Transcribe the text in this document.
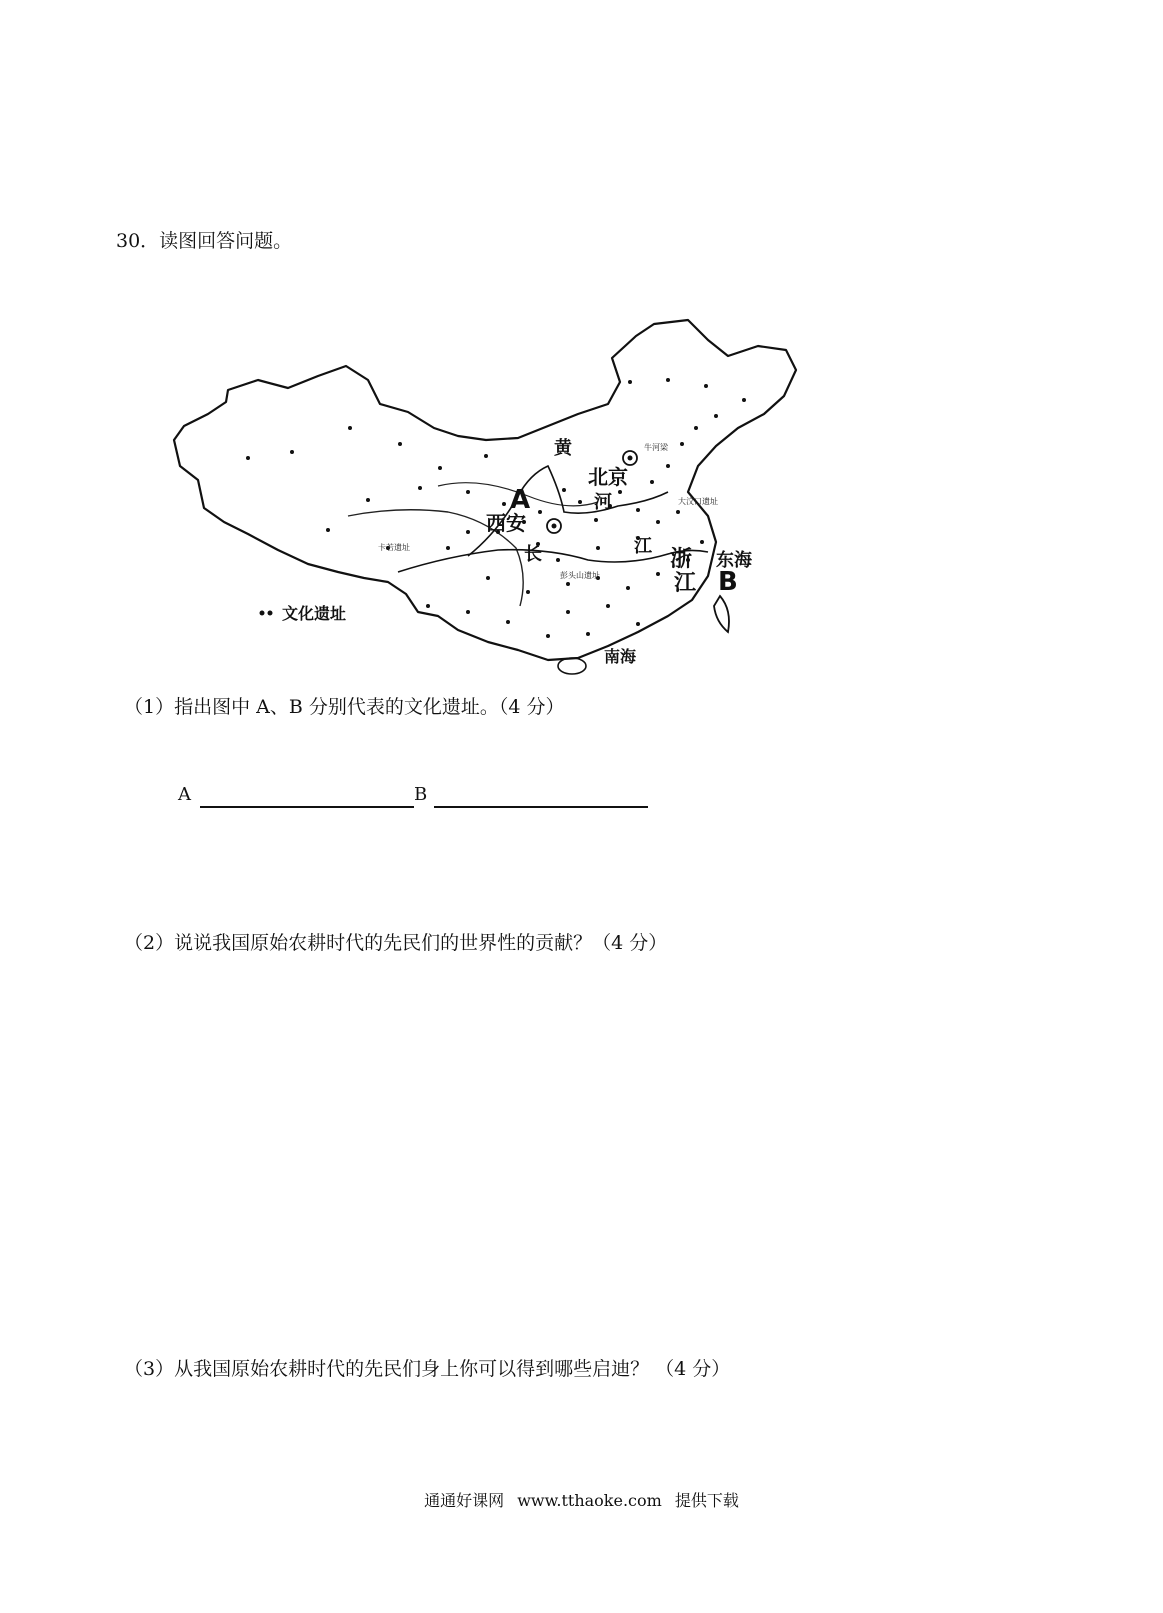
30．读图回答问题。
黄
北京
河
A
西安
长	江
浙
江
东海
B
南海
牛河梁
大汶口遗址
卡若遗址
彭头山遗址
文化遗址
（1）指出图中 A、B 分别代表的文化遗址。（4 分）
A	B
（2）说说我国原始农耕时代的先民们的世界性的贡献？（4 分）
（3）从我国原始农耕时代的先民们身上你可以得到哪些启迪？ （4 分）
通通好课网 www.tthaoke.com 提供下载
